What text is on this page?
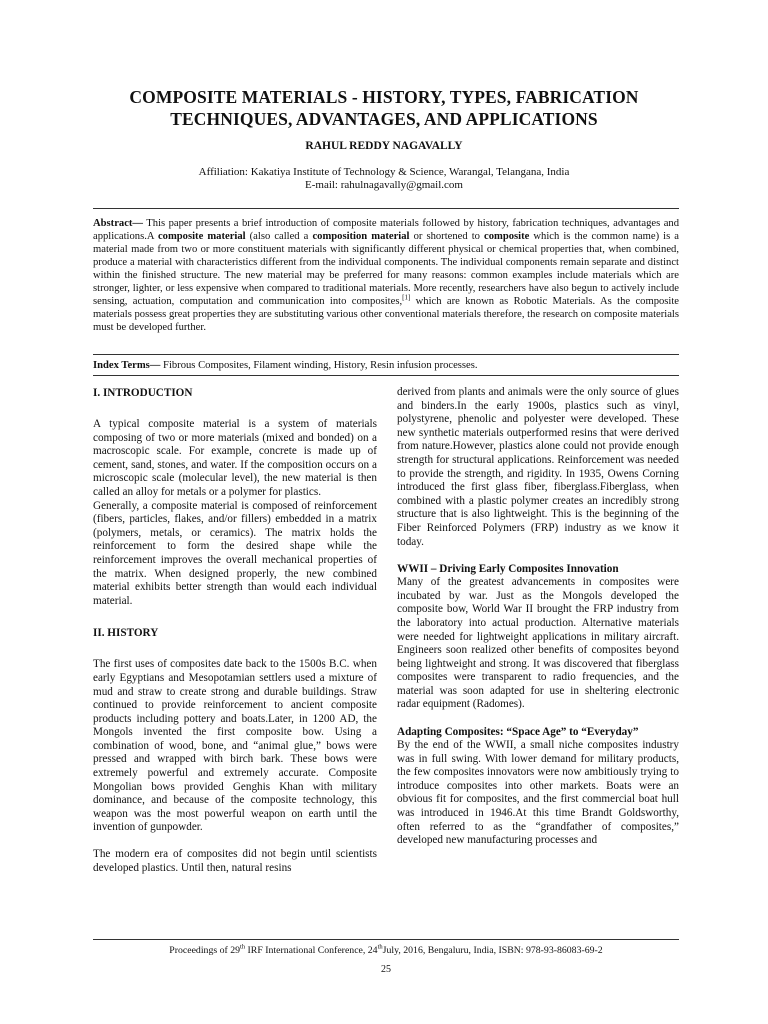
COMPOSITE MATERIALS - HISTORY, TYPES, FABRICATION
TECHNIQUES, ADVANTAGES, AND APPLICATIONS

RAHUL REDDY NAGAVALLY

Affiliation: Kakatiya Institute of Technology & Science, Warangal, Telangana, India
E-mail: rahulnagavally@gmail.com

Abstract— This paper presents a brief introduction of composite materials followed by history, fabrication techniques, advantages and applications.A composite material (also called a composition material or shortened to composite which is the common name) is a material made from two or more constituent materials with significantly different physical or chemical properties that, when combined, produce a material with characteristics different from the individual components. The individual components remain separate and distinct within the finished structure. The new material may be preferred for many reasons: common examples include materials which are stronger, lighter, or less expensive when compared to traditional materials. More recently, researchers have also begun to actively include sensing, actuation, computation and communication into composites,[1] which are known as Robotic Materials. As the composite materials possess great properties they are substituting various other conventional materials therefore, the research on composite materials must be developed further.

Index Terms— Fibrous Composites, Filament winding, History, Resin infusion processes.

I. INTRODUCTION

A typical composite material is a system of materials composing of two or more materials (mixed and bonded) on a macroscopic scale. For example, concrete is made up of cement, sand, stones, and water. If the composition occurs on a microscopic scale (molecular level), the new material is then called an alloy for metals or a polymer for plastics.

Generally, a composite material is composed of reinforcement (fibers, particles, flakes, and/or fillers) embedded in a matrix (polymers, metals, or ceramics). The matrix holds the reinforcement to form the desired shape while the reinforcement improves the overall mechanical properties of the matrix. When designed properly, the new combined material exhibits better strength than would each individual material.

II. HISTORY

The first uses of composites date back to the 1500s B.C. when early Egyptians and Mesopotamian settlers used a mixture of mud and straw to create strong and durable buildings. Straw continued to provide reinforcement to ancient composite products including pottery and boats.Later, in 1200 AD, the Mongols invented the first composite bow. Using a combination of wood, bone, and “animal glue,” bows were pressed and wrapped with birch bark. These bows were extremely powerful and extremely accurate. Composite Mongolian bows provided Genghis Khan with military dominance, and because of the composite technology, this weapon was the most powerful weapon on earth until the invention of gunpowder.

The modern era of composites did not begin until scientists developed plastics. Until then, natural resins

derived from plants and animals were the only source of glues and binders.In the early 1900s, plastics such as vinyl, polystyrene, phenolic and polyester were developed. These new synthetic materials outperformed resins that were derived from nature.However, plastics alone could not provide enough strength for structural applications. Reinforcement was needed to provide the strength, and rigidity. In 1935, Owens Corning introduced the first glass fiber, fiberglass.Fiberglass, when combined with a plastic polymer creates an incredibly strong structure that is also lightweight. This is the beginning of the Fiber Reinforced Polymers (FRP) industry as we know it today.

WWII – Driving Early Composites Innovation

Many of the greatest advancements in composites were incubated by war. Just as the Mongols developed the composite bow, World War II brought the FRP industry from the laboratory into actual production. Alternative materials were needed for lightweight applications in military aircraft. Engineers soon realized other benefits of composites beyond being lightweight and strong. It was discovered that fiberglass composites were transparent to radio frequencies, and the material was soon adapted for use in sheltering electronic radar equipment (Radomes).

Adapting Composites: “Space Age” to “Everyday”

By the end of the WWII, a small niche composites industry was in full swing. With lower demand for military products, the few composites innovators were now ambitiously trying to introduce composites into other markets. Boats were an obvious fit for composites, and the first commercial boat hull was introduced in 1946.At this time Brandt Goldsworthy, often referred to as the “grandfather of composites,” developed new manufacturing processes and

Proceedings of 29th IRF International Conference, 24thJuly, 2016, Bengaluru, India, ISBN: 978-93-86083-69-2

25
